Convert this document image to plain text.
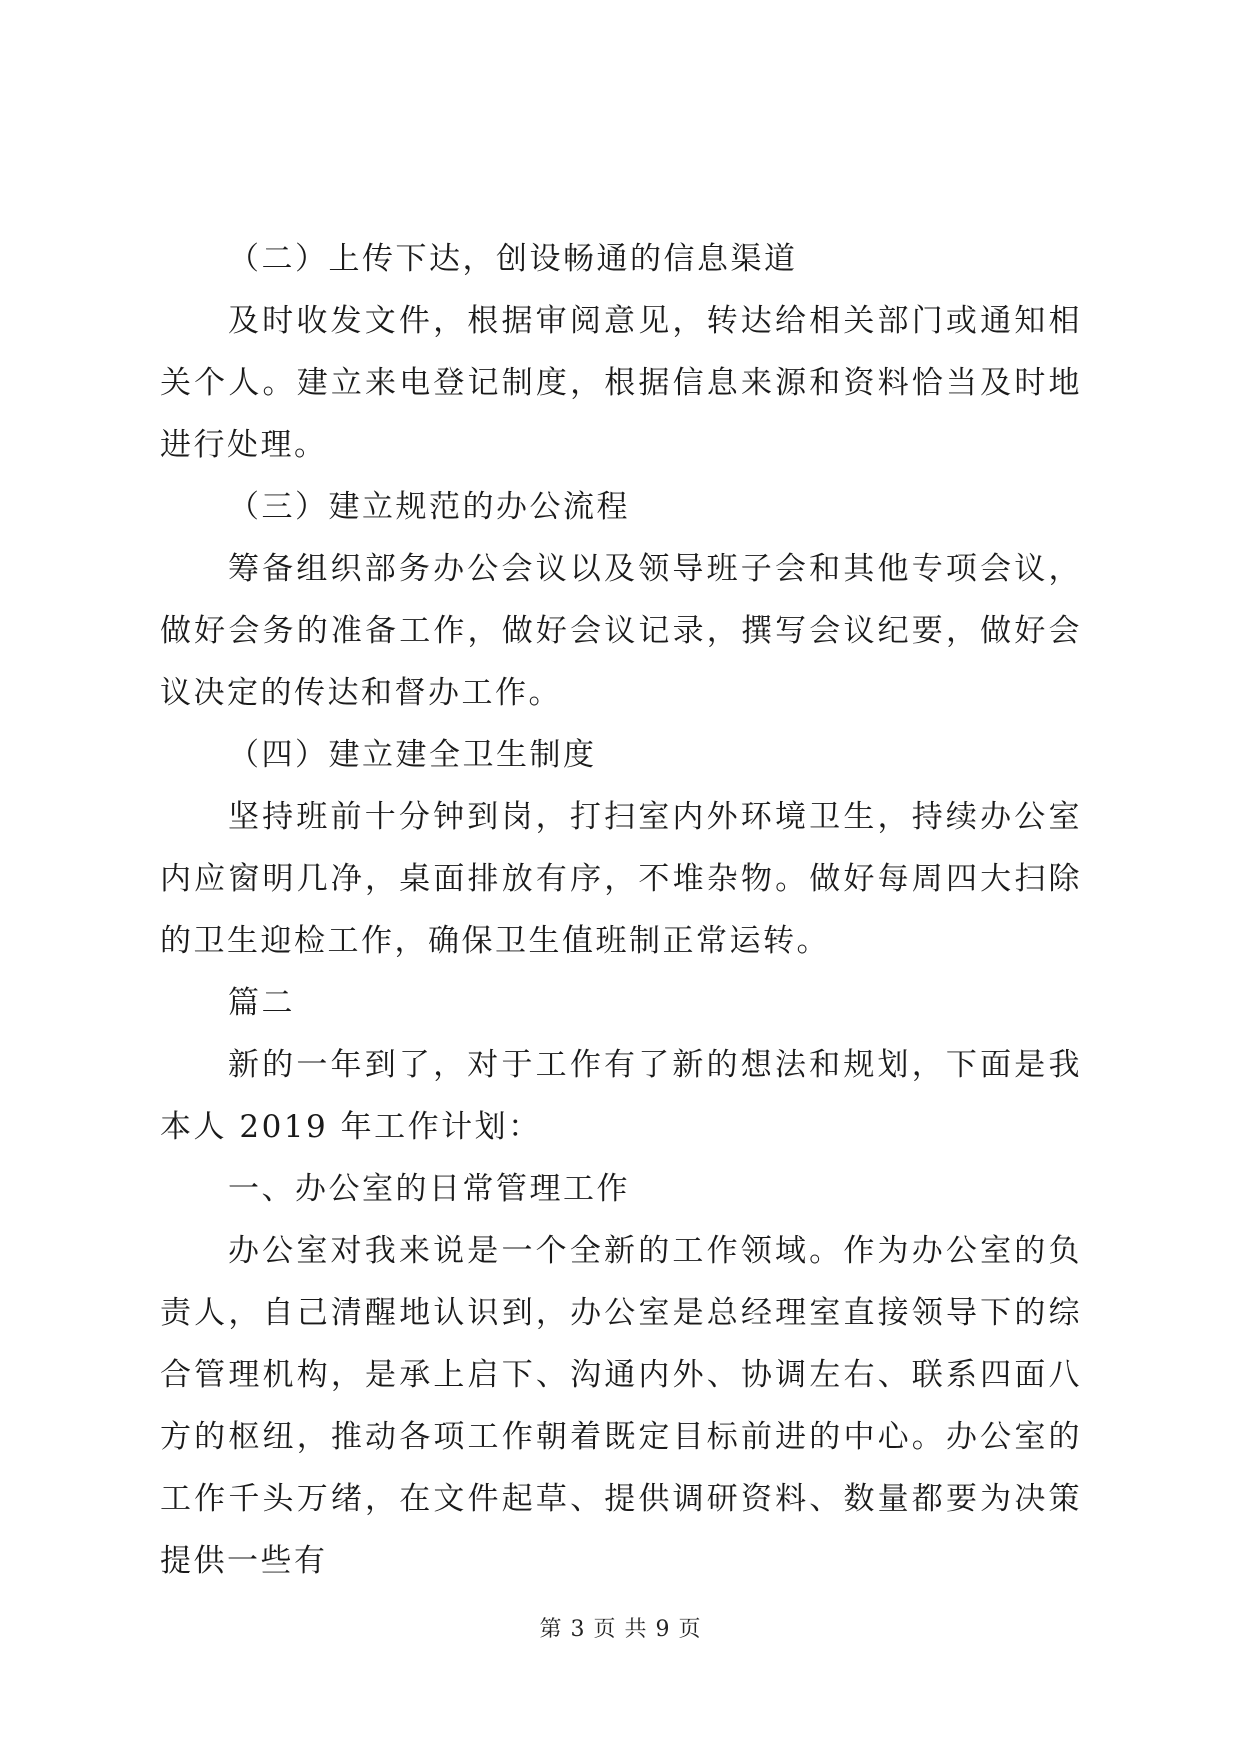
（二）上传下达，创设畅通的信息渠道

及时收发文件，根据审阅意见，转达给相关部门或通知相关个人。建立来电登记制度，根据信息来源和资料恰当及时地进行处理。

（三）建立规范的办公流程

筹备组织部务办公会议以及领导班子会和其他专项会议，做好会务的准备工作，做好会议记录，撰写会议纪要，做好会议决定的传达和督办工作。

（四）建立建全卫生制度

坚持班前十分钟到岗，打扫室内外环境卫生，持续办公室内应窗明几净，桌面排放有序，不堆杂物。做好每周四大扫除的卫生迎检工作，确保卫生值班制正常运转。

篇二

新的一年到了，对于工作有了新的想法和规划，下面是我本人 2019 年工作计划：

一、办公室的日常管理工作

办公室对我来说是一个全新的工作领域。作为办公室的负责人，自己清醒地认识到，办公室是总经理室直接领导下的综合管理机构，是承上启下、沟通内外、协调左右、联系四面八方的枢纽，推动各项工作朝着既定目标前进的中心。办公室的工作千头万绪，在文件起草、提供调研资料、数量都要为决策提供一些有

第 3 页 共 9 页
